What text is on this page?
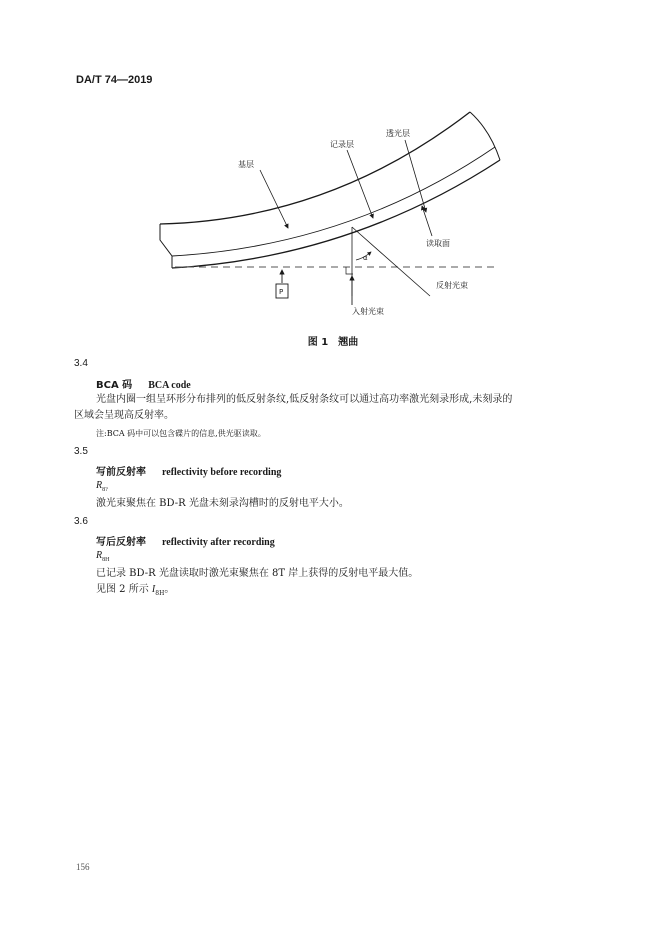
DA/T 74—2019
基层
记录层
透光层
读取面
α
反射光束
入射光束
P
图 1　翘曲
3.4
BCA 码 BCA code
光盘内圈一组呈环形分布排列的低反射条纹,低反射条纹可以通过高功率激光刻录形成,未刻录的
区域会呈现高反射率。
注:BCA 码中可以包含碟片的信息,供光驱读取。
3.5
写前反射率 reflectivity before recording
$R_{8?}$
激光束聚焦在 BD-R 光盘未刻录沟槽时的反射电平大小。
3.6
写后反射率 reflectivity after recording
$R_{8H}$
已记录 BD-R 光盘读取时激光束聚焦在 8T 岸上获得的反射电平最大值。
见图 2 所示 $I_{8H}$。
156
